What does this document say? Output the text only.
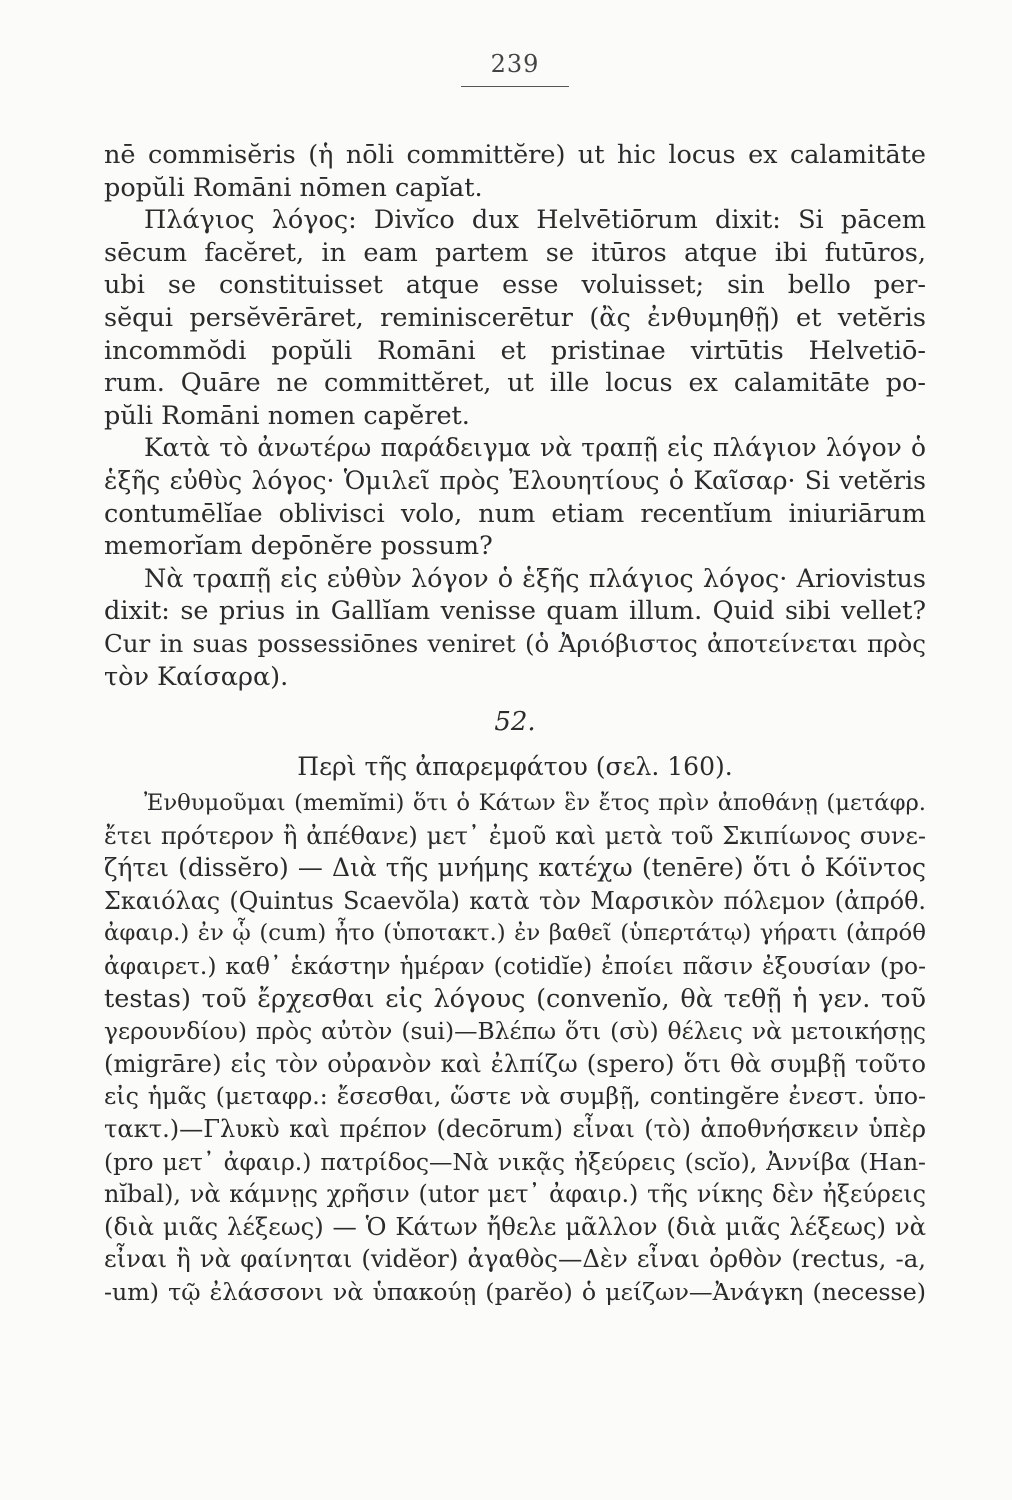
239
nē commisĕris (ἡ nōli committĕre) ut hic locus ex calamitāte
popŭli Romāni nōmen capĭat.
Πλάγιος λόγος: Divĭco dux Helvētiōrum dixit: Si pācem
sēcum facĕret, in eam partem se itūros atque ibi futūros,
ubi se constituisset atque esse voluisset; sin bello per-
sĕqui persĕvērāret, reminiscerētur (ἂς ἐνθυμηθῇ) et vetĕris
incommŏdi popŭli Romāni et pristinae virtūtis Helvetiō-
rum. Quāre ne committĕret, ut ille locus ex calamitāte po-
pŭli Romāni nomen capĕret.
Κατὰ τὸ ἀνωτέρω παράδειγμα νὰ τραπῇ εἰς πλάγιον λόγον ὁ
ἑξῆς εὐθὺς λόγος· Ὁμιλεῖ πρὸς Ἐλουητίους ὁ Καῖσαρ· Si vetĕris
contumēlĭae oblivisci volo, num etiam recentĭum iniuriārum
memorĭam depōnĕre possum?
Νὰ τραπῇ εἰς εὐθὺν λόγον ὁ ἑξῆς πλάγιος λόγος· Ariovistus
dixit: se prius in Gallĭam venisse quam illum. Quid sibi vellet?
Cur in suas possessiōnes veniret (ὁ Ἀριόβιστος ἀποτείνεται πρὸς
τὸν Καίσαρα).
52.
Περὶ τῆς ἀπαρεμφάτου (σελ. 160).
Ἐνθυμοῦμαι (memĭmi) ὅτι ὁ Κάτων ἓν ἔτος πρὶν ἀποθάνῃ (μετάφρ.
ἔτει πρότερον ἢ ἀπέθανε) μετ᾽ ἐμοῦ καὶ μετὰ τοῦ Σκιπίωνος συνε-
ζήτει (dissĕro) — Διὰ τῆς μνήμης κατέχω (tenēre) ὅτι ὁ Κόϊντος
Σκαιόλας (Quintus Scaevŏla) κατὰ τὸν Μαρσικὸν πόλεμον (ἀπρόθ.
ἀφαιρ.) ἐν ᾧ (cum) ἦτο (ὑποτακτ.) ἐν βαθεῖ (ὑπερτάτῳ) γήρατι (ἀπρόθ
ἀφαιρετ.) καθ᾽ ἑκάστην ἡμέραν (cotidĭe) ἐποίει πᾶσιν ἐξουσίαν (po-
testas) τοῦ ἔρχεσθαι εἰς λόγους (convenĭo, θὰ τεθῇ ἡ γεν. τοῦ
γερουνδίου) πρὸς αὐτὸν (sui)—Βλέπω ὅτι (σὺ) θέλεις νὰ μετοικήσῃς
(migrāre) εἰς τὸν οὐρανὸν καὶ ἐλπίζω (spero) ὅτι θὰ συμβῇ τοῦτο
εἰς ἡμᾶς (μεταφρ.: ἔσεσθαι, ὥστε νὰ συμβῇ, contingĕre ἐνεστ. ὑπο-
τακτ.)—Γλυκὺ καὶ πρέπον (decōrum) εἶναι (τὸ) ἀποθνήσκειν ὑπὲρ
(pro μετ᾽ ἀφαιρ.) πατρίδος—Νὰ νικᾷς ἠξεύρεις (scĭo), Ἀννίβα (Han-
nĭbal), νὰ κάμνῃς χρῆσιν (utor μετ᾽ ἀφαιρ.) τῆς νίκης δὲν ἠξεύρεις
(διὰ μιᾶς λέξεως) — Ὁ Κάτων ἤθελε μᾶλλον (διὰ μιᾶς λέξεως) νὰ
εἶναι ἢ νὰ φαίνηται (vidĕor) ἀγαθὸς—Δὲν εἶναι ὀρθὸν (rectus, -a,
-um) τῷ ἐλάσσονι νὰ ὑπακούῃ (parĕo) ὁ μείζων—Ἀνάγκη (necesse)
